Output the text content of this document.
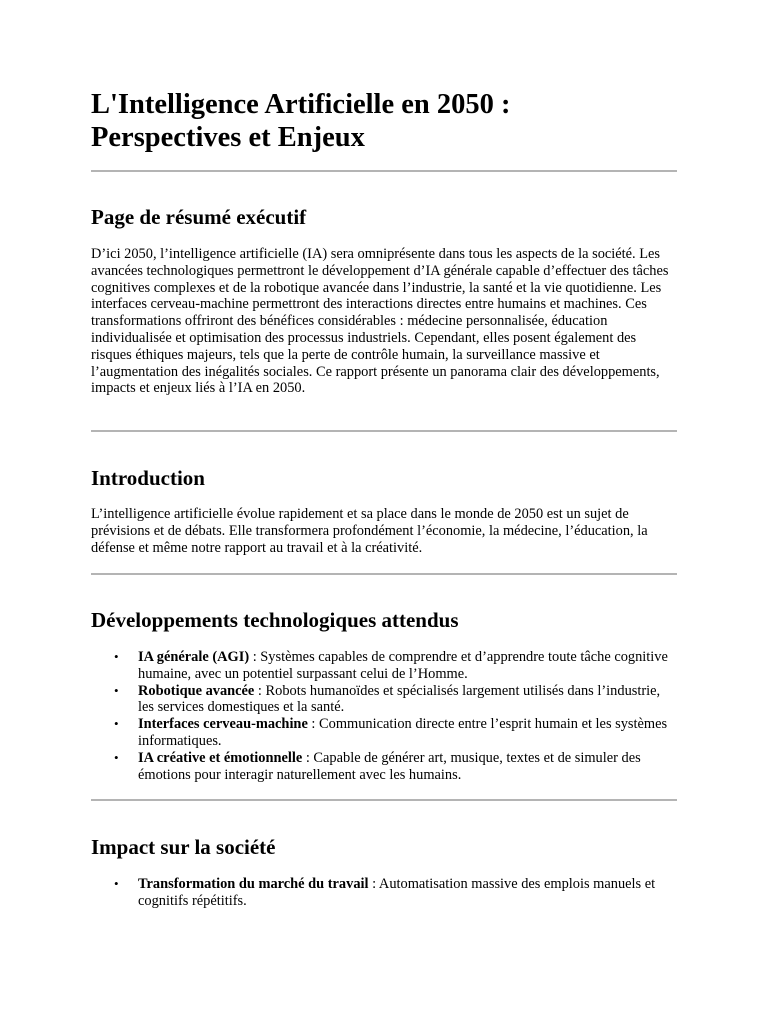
L'Intelligence Artificielle en 2050 :
Perspectives et Enjeux
Page de résumé exécutif

D’ici 2050, l’intelligence artificielle (IA) sera omniprésente dans tous les aspects de la société. Les avancées technologiques permettront le développement d’IA générale capable d’effectuer des tâches cognitives complexes et de la robotique avancée dans l’industrie, la santé et la vie quotidienne. Les interfaces cerveau-machine permettront des interactions directes entre humains et machines. Ces transformations offriront des bénéfices considérables : médecine personnalisée, éducation individualisée et optimisation des processus industriels. Cependant, elles posent également des risques éthiques majeurs, tels que la perte de contrôle humain, la surveillance massive et l’augmentation des inégalités sociales. Ce rapport présente un panorama clair des développements, impacts et enjeux liés à l’IA en 2050.

Introduction

L’intelligence artificielle évolue rapidement et sa place dans le monde de 2050 est un sujet de prévisions et de débats. Elle transformera profondément l’économie, la médecine, l’éducation, la défense et même notre rapport au travail et à la créativité.

Développements technologiques attendus
• IA générale (AGI) : Systèmes capables de comprendre et d’apprendre toute tâche cognitive humaine, avec un potentiel surpassant celui de l’Homme.
• Robotique avancée : Robots humanoïdes et spécialisés largement utilisés dans l’industrie, les services domestiques et la santé.
• Interfaces cerveau-machine : Communication directe entre l’esprit humain et les systèmes informatiques.
• IA créative et émotionnelle : Capable de générer art, musique, textes et de simuler des émotions pour interagir naturellement avec les humains.
Impact sur la société
• Transformation du marché du travail : Automatisation massive des emplois manuels et cognitifs répétitifs.
